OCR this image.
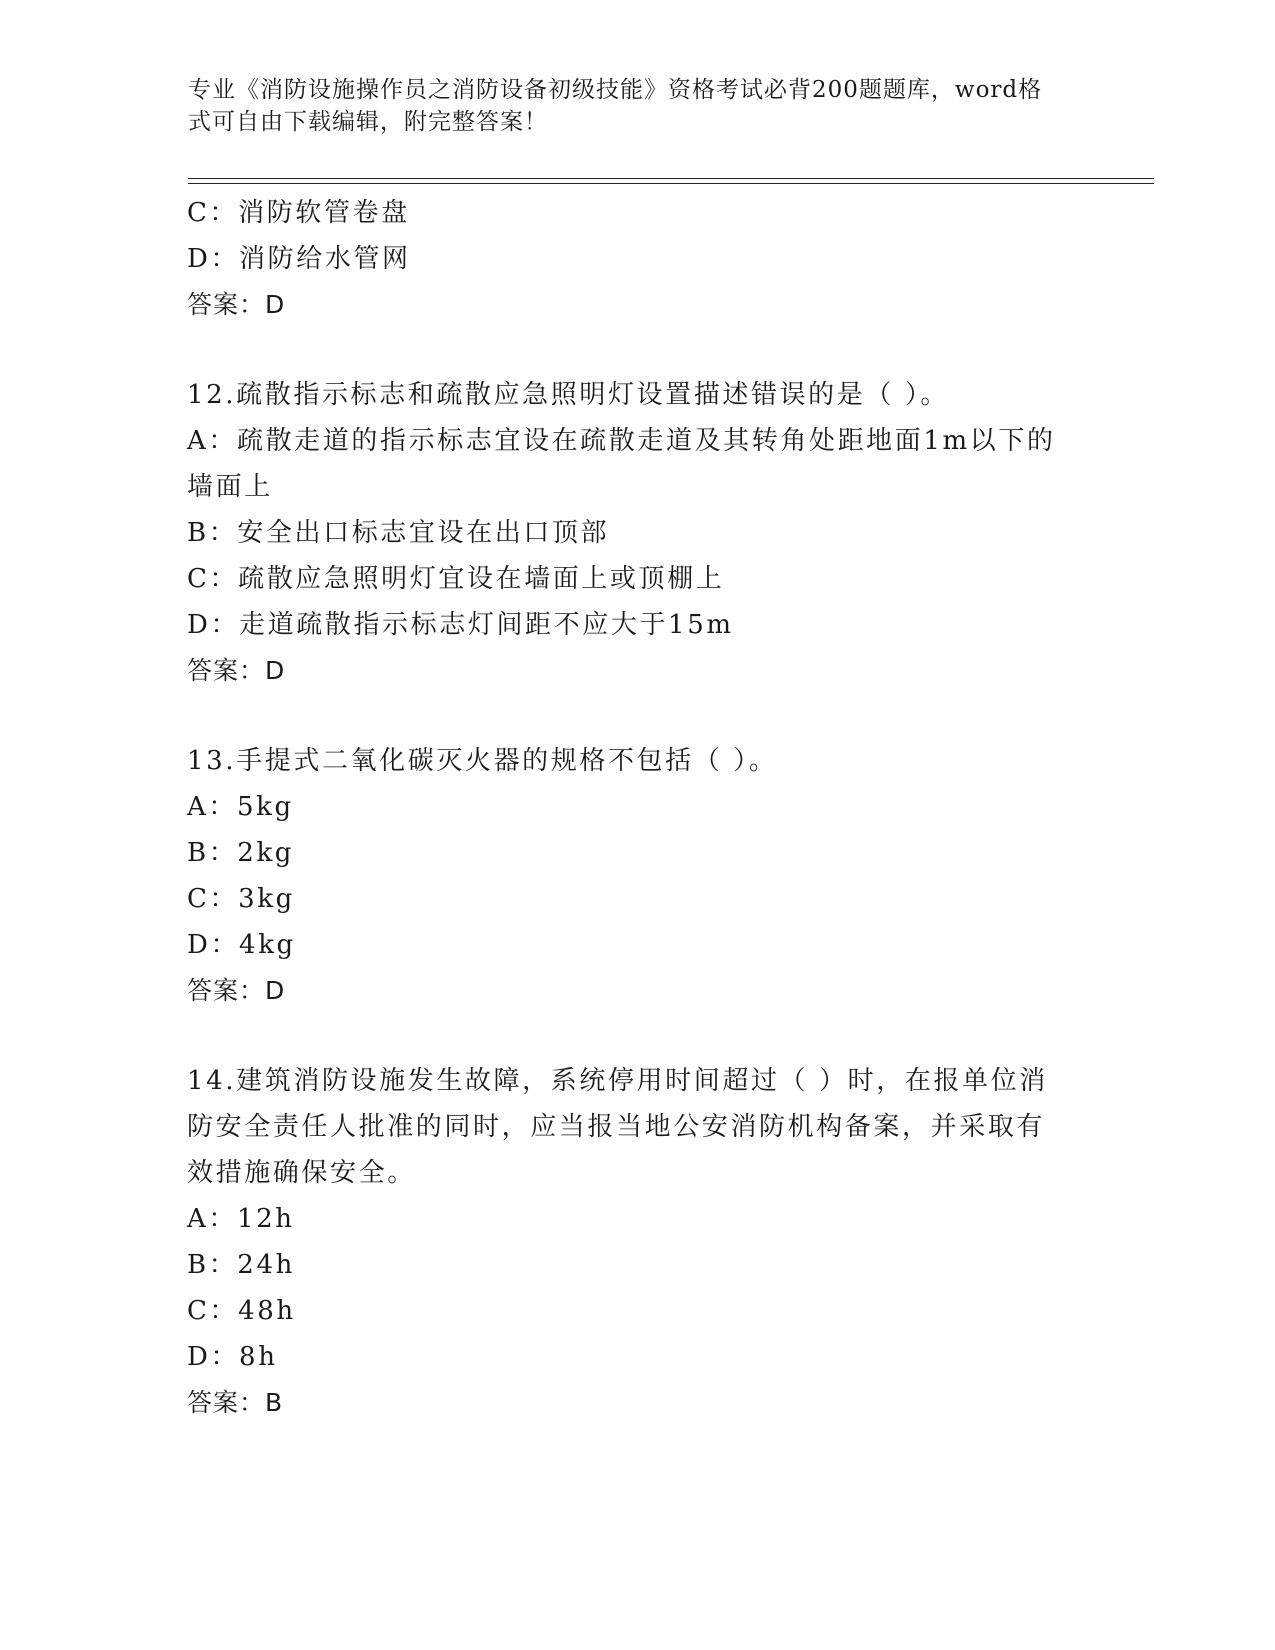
专业《消防设施操作员之消防设备初级技能》资格考试必背200题题库，word格
式可自由下载编辑，附完整答案！
C：消防软管卷盘
D：消防给水管网
答案：D
12.疏散指示标志和疏散应急照明灯设置描述错误的是（ ）。
A：疏散走道的指示标志宜设在疏散走道及其转角处距地面1m以下的
墙面上
B：安全出口标志宜设在出口顶部
C：疏散应急照明灯宜设在墙面上或顶棚上
D：走道疏散指示标志灯间距不应大于15m
答案：D
13.手提式二氧化碳灭火器的规格不包括（ ）。
A：5kg
B：2kg
C：3kg
D：4kg
答案：D
14.建筑消防设施发生故障，系统停用时间超过（ ）时，在报单位消
防安全责任人批准的同时，应当报当地公安消防机构备案，并采取有
效措施确保安全。
A：12h
B：24h
C：48h
D：8h
答案：B
